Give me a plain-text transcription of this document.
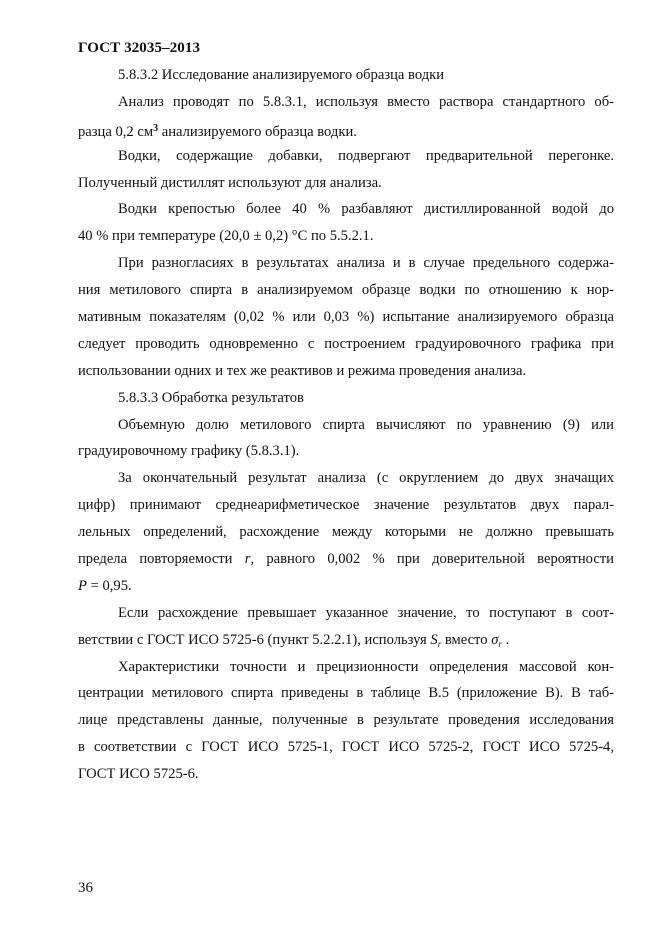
ГОСТ 32035–2013
5.8.3.2 Исследование анализируемого образца водки
Анализ проводят по 5.8.3.1, используя вместо раствора стандартного об-
разца 0,2 $см^3$ анализируемого образца водки.
Водки, содержащие добавки, подвергают предварительной перегонке.
Полученный дистиллят используют для анализа.
Водки крепостью более 40 % разбавляют дистиллированной водой до
40 % при температуре (20,0 ± 0,2) °С по 5.5.2.1.
При разногласиях в результатах анализа и в случае предельного содержа-
ния метилового спирта в анализируемом образце водки по отношению к нор-
мативным показателям (0,02 % или 0,03 %) испытание анализируемого образца
следует проводить одновременно с построением градуировочного графика при
использовании одних и тех же реактивов и режима проведения анализа.
5.8.3.3 Обработка результатов
Объемную долю метилового спирта вычисляют по уравнению (9) или
градуировочному графику (5.8.3.1).
За окончательный результат анализа (с округлением до двух значащих
цифр) принимают среднеарифметическое значение результатов двух парал-
лельных определений, расхождение между которыми не должно превышать
предела повторяемости r, равного 0,002 % при доверительной вероятности
P = 0,95.
Если расхождение превышает указанное значение, то поступают в соот-
ветствии с ГОСТ ИСО 5725-6 (пункт 5.2.2.1), используя $S_r$ вместо $\sigma_r$ .
Характеристики точности и прецизионности определения массовой кон-
центрации метилового спирта приведены в таблице В.5 (приложение В). В таб-
лице представлены данные, полученные в результате проведения исследования
в соответствии с ГОСТ ИСО 5725-1, ГОСТ ИСО 5725-2, ГОСТ ИСО 5725-4,
ГОСТ ИСО 5725-6.
36
